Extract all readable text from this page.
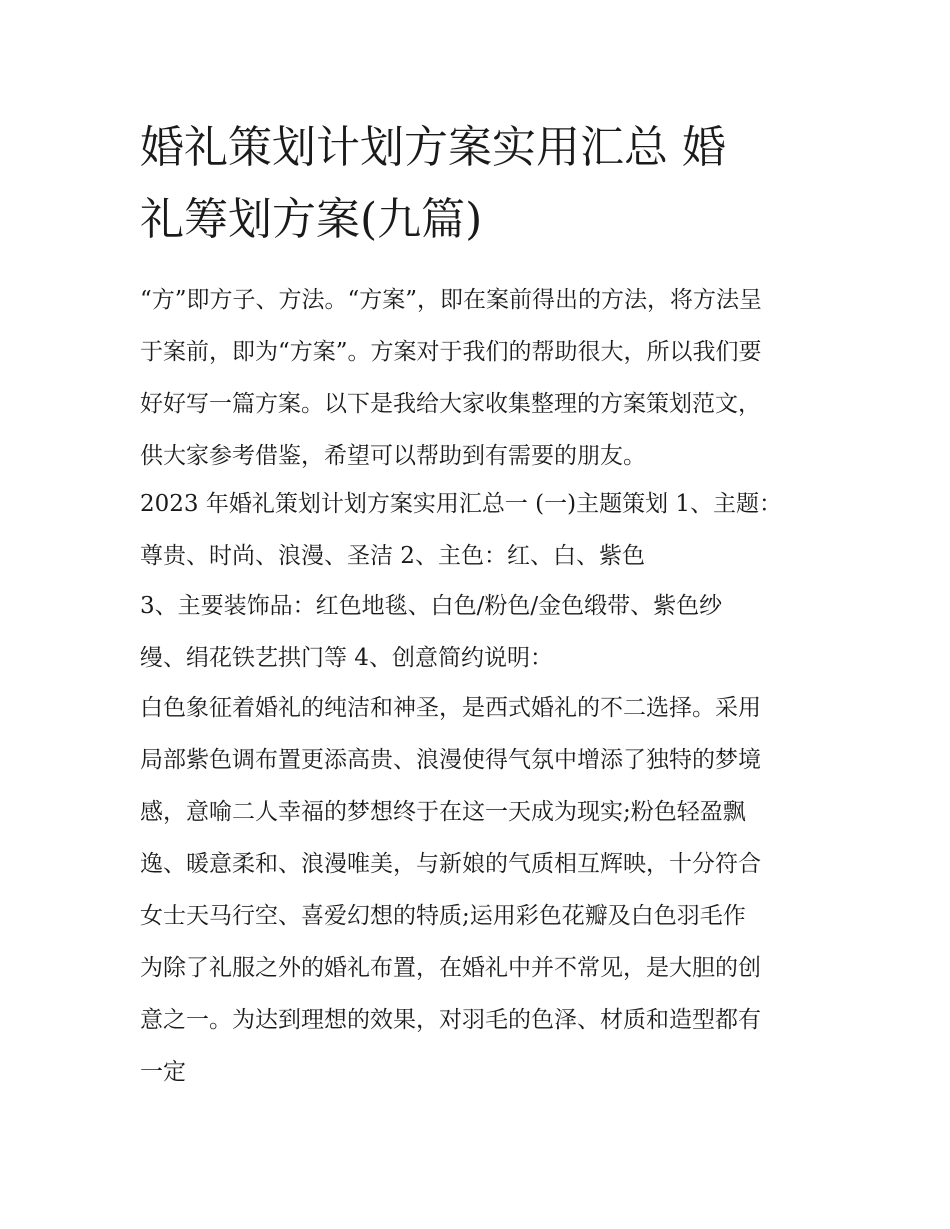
婚礼策划计划方案实用汇总 婚
礼筹划方案(九篇)
“方”即方子、方法。“方案”，即在案前得出的方法，将方法呈
于案前，即为“方案”。方案对于我们的帮助很大，所以我们要
好好写一篇方案。以下是我给大家收集整理的方案策划范文，
供大家参考借鉴，希望可以帮助到有需要的朋友。
2023 年婚礼策划计划方案实用汇总一 (一)主题策划 1、主题：
尊贵、时尚、浪漫、圣洁 2、主色：红、白、紫色
3、主要装饰品：红色地毯、白色/粉色/金色缎带、紫色纱
缦、绢花铁艺拱门等 4、创意简约说明：
白色象征着婚礼的纯洁和神圣，是西式婚礼的不二选择。采用
局部紫色调布置更添高贵、浪漫使得气氛中增添了独特的梦境
感，意喻二人幸福的梦想终于在这一天成为现实;粉色轻盈飘
逸、暖意柔和、浪漫唯美，与新娘的气质相互辉映，十分符合
女士天马行空、喜爱幻想的特质;运用彩色花瓣及白色羽毛作
为除了礼服之外的婚礼布置，在婚礼中并不常见，是大胆的创
意之一。为达到理想的效果，对羽毛的色泽、材质和造型都有
一定
